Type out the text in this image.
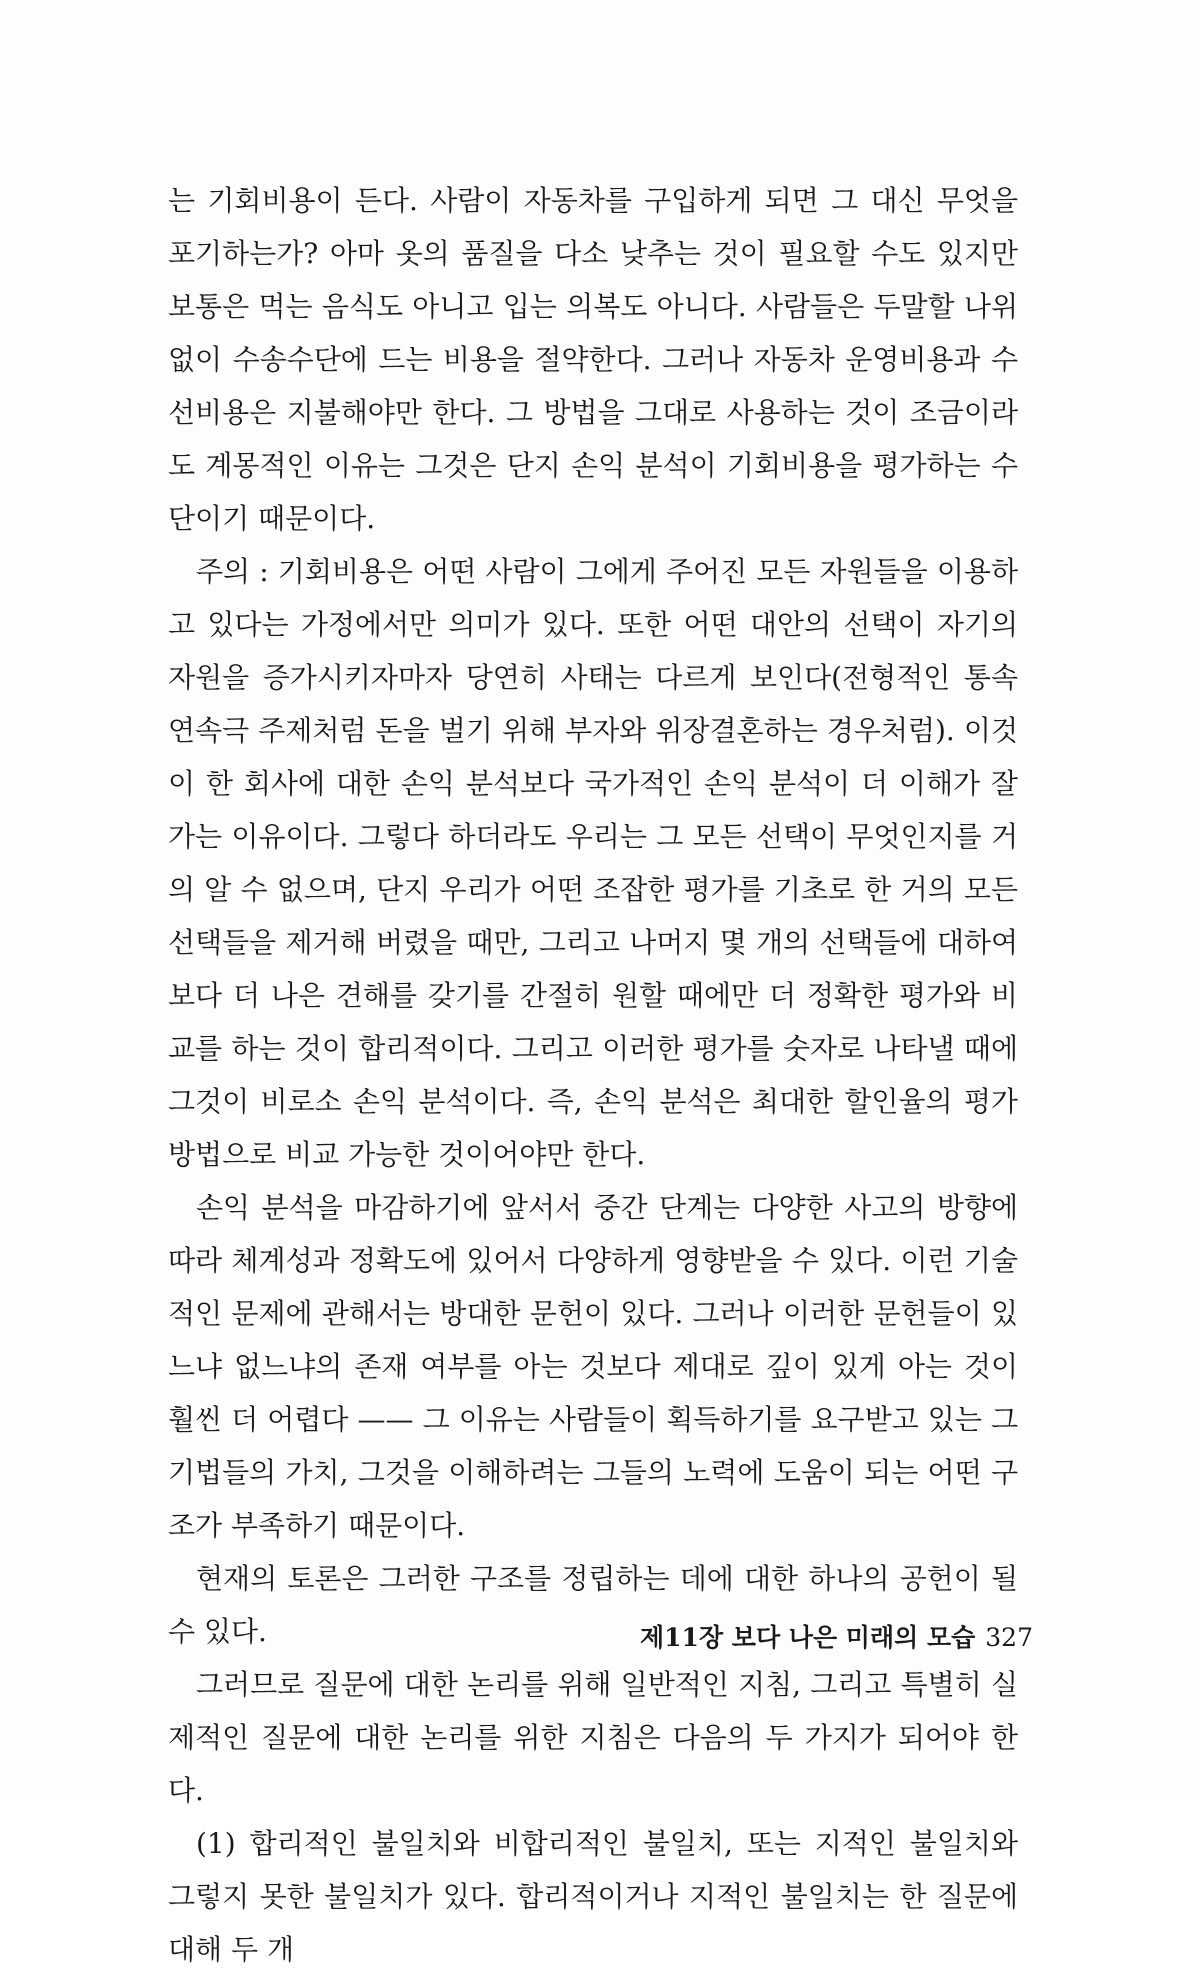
는 기회비용이 든다. 사람이 자동차를 구입하게 되면 그 대신 무엇을 포기하는가? 아마 옷의 품질을 다소 낮추는 것이 필요할 수도 있지만 보통은 먹는 음식도 아니고 입는 의복도 아니다. 사람들은 두말할 나위없이 수송수단에 드는 비용을 절약한다. 그러나 자동차 운영비용과 수선비용은 지불해야만 한다. 그 방법을 그대로 사용하는 것이 조금이라도 계몽적인 이유는 그것은 단지 손익 분석이 기회비용을 평가하는 수단이기 때문이다.

주의 : 기회비용은 어떤 사람이 그에게 주어진 모든 자원들을 이용하고 있다는 가정에서만 의미가 있다. 또한 어떤 대안의 선택이 자기의 자원을 증가시키자마자 당연히 사태는 다르게 보인다(전형적인 통속 연속극 주제처럼 돈을 벌기 위해 부자와 위장결혼하는 경우처럼). 이것이 한 회사에 대한 손익 분석보다 국가적인 손익 분석이 더 이해가 잘 가는 이유이다. 그렇다 하더라도 우리는 그 모든 선택이 무엇인지를 거의 알 수 없으며, 단지 우리가 어떤 조잡한 평가를 기초로 한 거의 모든 선택들을 제거해 버렸을 때만, 그리고 나머지 몇 개의 선택들에 대하여 보다 더 나은 견해를 갖기를 간절히 원할 때에만 더 정확한 평가와 비교를 하는 것이 합리적이다. 그리고 이러한 평가를 숫자로 나타낼 때에 그것이 비로소 손익 분석이다. 즉, 손익 분석은 최대한 할인율의 평가 방법으로 비교 가능한 것이어야만 한다.

손익 분석을 마감하기에 앞서서 중간 단계는 다양한 사고의 방향에 따라 체계성과 정확도에 있어서 다양하게 영향받을 수 있다. 이런 기술적인 문제에 관해서는 방대한 문헌이 있다. 그러나 이러한 문헌들이 있느냐 없느냐의 존재 여부를 아는 것보다 제대로 깊이 있게 아는 것이 훨씬 더 어렵다 —— 그 이유는 사람들이 획득하기를 요구받고 있는 그 기법들의 가치, 그것을 이해하려는 그들의 노력에 도움이 되는 어떤 구조가 부족하기 때문이다.

현재의 토론은 그러한 구조를 정립하는 데에 대한 하나의 공헌이 될 수 있다.

그러므로 질문에 대한 논리를 위해 일반적인 지침, 그리고 특별히 실제적인 질문에 대한 논리를 위한 지침은 다음의 두 가지가 되어야 한다.

(1) 합리적인 불일치와 비합리적인 불일치, 또는 지적인 불일치와 그렇지 못한 불일치가 있다. 합리적이거나 지적인 불일치는 한 질문에 대해 두 개

제11장 보다 나은 미래의 모습 327
